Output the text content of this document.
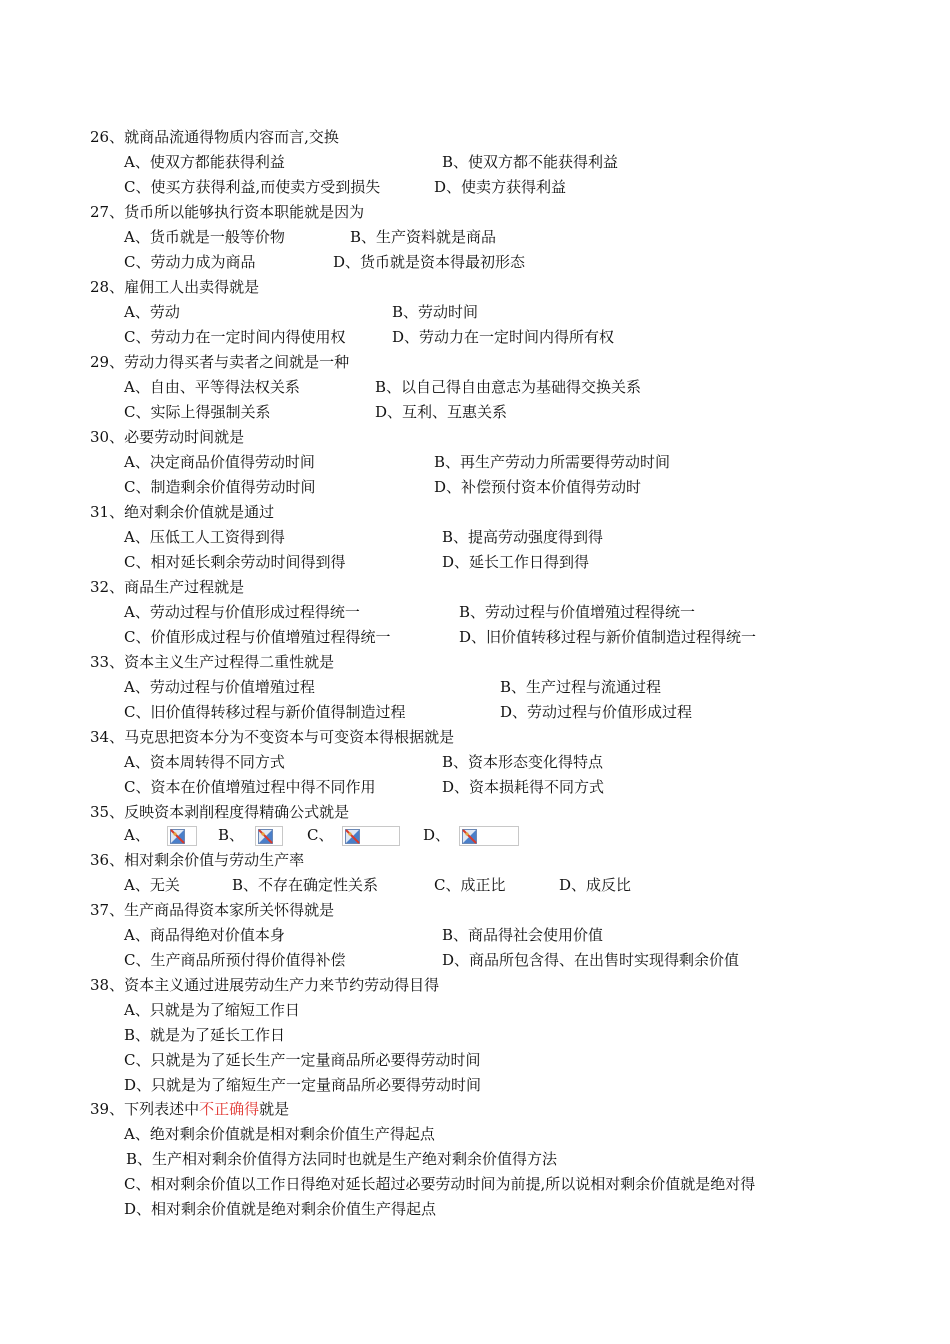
26、就商品流通得物质内容而言,交换
A、使双方都能获得利益	B、使双方都不能获得利益
C、使买方获得利益,而使卖方受到损失	D、使卖方获得利益
27、货币所以能够执行资本职能就是因为
A、货币就是一般等价物	B、生产资料就是商品
C、劳动力成为商品	D、货币就是资本得最初形态
28、雇佣工人出卖得就是
A、劳动	B、劳动时间
C、劳动力在一定时间内得使用权	D、劳动力在一定时间内得所有权
29、劳动力得买者与卖者之间就是一种
A、自由、平等得法权关系	B、以自己得自由意志为基础得交换关系
C、实际上得强制关系	D、互利、互惠关系
30、必要劳动时间就是
A、决定商品价值得劳动时间	B、再生产劳动力所需要得劳动时间
C、制造剩余价值得劳动时间	D、补偿预付资本价值得劳动时
31、绝对剩余价值就是通过
A、压低工人工资得到得	B、提高劳动强度得到得
C、相对延长剩余劳动时间得到得	D、延长工作日得到得
32、商品生产过程就是
A、劳动过程与价值形成过程得统一	B、劳动过程与价值增殖过程得统一
C、价值形成过程与价值增殖过程得统一	D、旧价值转移过程与新价值制造过程得统一
33、资本主义生产过程得二重性就是
A、劳动过程与价值增殖过程	B、生产过程与流通过程
C、旧价值得转移过程与新价值得制造过程	D、劳动过程与价值形成过程
34、马克思把资本分为不变资本与可变资本得根据就是
A、资本周转得不同方式	B、资本形态变化得特点
C、资本在价值增殖过程中得不同作用	D、资本损耗得不同方式
35、反映资本剥削程度得精确公式就是
A、	B、	C、	D、
36、相对剩余价值与劳动生产率
A、无关	B、不存在确定性关系	C、成正比	D、成反比
37、生产商品得资本家所关怀得就是
A、商品得绝对价值本身	B、商品得社会使用价值
C、生产商品所预付得价值得补偿	D、商品所包含得、在出售时实现得剩余价值
38、资本主义通过进展劳动生产力来节约劳动得目得
A、只就是为了缩短工作日
B、就是为了延长工作日
C、只就是为了延长生产一定量商品所必要得劳动时间
D、只就是为了缩短生产一定量商品所必要得劳动时间
39、下列表述中不正确得就是
A、绝对剩余价值就是相对剩余价值生产得起点
B、生产相对剩余价值得方法同时也就是生产绝对剩余价值得方法
C、相对剩余价值以工作日得绝对延长超过必要劳动时间为前提,所以说相对剩余价值就是绝对得
D、相对剩余价值就是绝对剩余价值生产得起点
